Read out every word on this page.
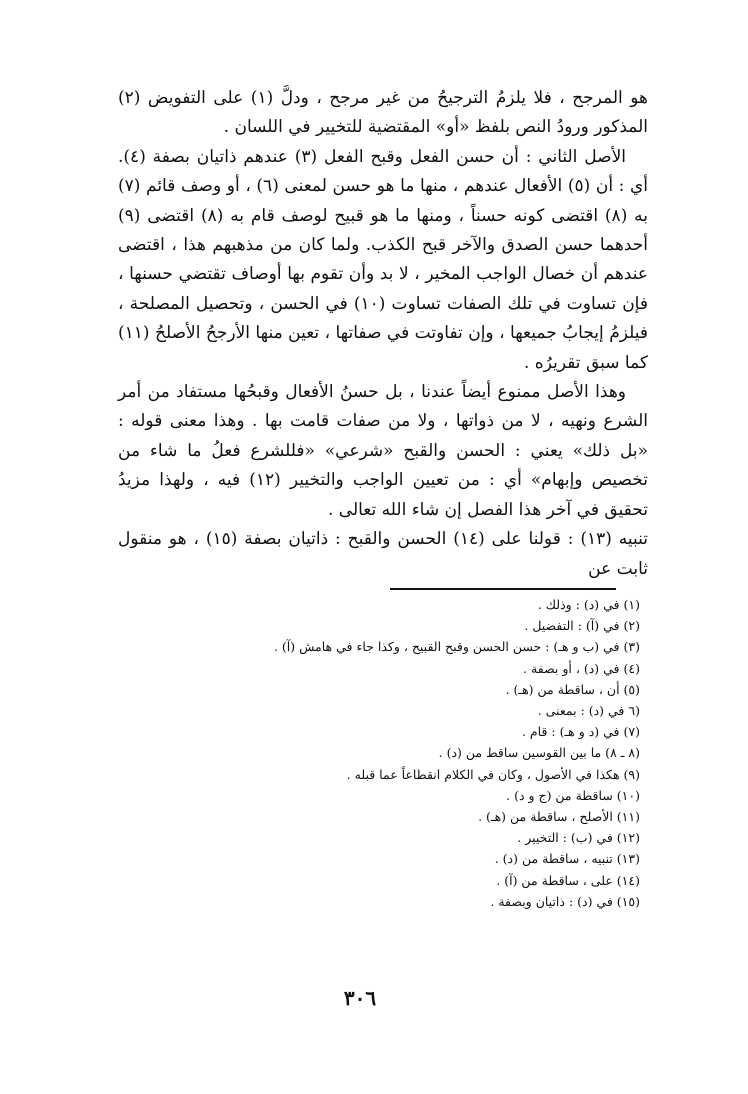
هو المرجح ، فلا يلزمُ الترجيحُ من غير مرجح ، ودلَّ (١) على التفويض (٢) المذكور ورودُ النص بلفظ «أو» المقتضية للتخيير في اللسان .

الأصل الثاني : أن حسن الفعل وقبح الفعل (٣) عندهم ذاتيان بصفة (٤). أي : أن (٥) الأفعال عندهم ، منها ما هو حسن لمعنى (٦) ، أو وصف قائم (٧) به (٨) اقتضى كونه حسناً ، ومنها ما هو قبيح لوصف قام به (٨) اقتضى (٩) أحدهما حسن الصدق والآخر قبح الكذب. ولما كان من مذهبهم هذا ، اقتضى عندهم أن خصال الواجب المخير ، لا بد وأن تقوم بها أوصاف تقتضي حسنها ، فإن تساوت في تلك الصفات تساوت (١٠) في الحسن ، وتحصيل المصلحة ، فيلزمُ إيجابُ جميعها ، وإن تفاوتت في صفاتها ، تعين منها الأرجحُ الأصلحُ (١١) كما سبق تقريرُه .

وهذا الأصل ممنوع أيضاً عندنا ، بل حسنُ الأفعال وقبحُها مستفاد من أمر الشرع ونهيه ، لا من ذواتها ، ولا من صفات قامت بها . وهذا معنى قوله : «بل ذلك» يعني : الحسن والقبح «شرعي» «فللشرع فعلُ ما شاء من تخصيص وإبهام» أي : من تعيين الواجب والتخيير (١٢) فيه ، ولهذا مزيدُ تحقيق في آخر هذا الفصل إن شاء الله تعالى .

تنبيه (١٣) : قولنا على (١٤) الحسن والقبح : ذاتيان بصفة (١٥) ، هو منقول ثابت عن

(١) في (د) : وذلك .
(٢) في (آ) : التفضيل .
(٣) في (ب و هـ) : حسن الحسن وقبح القبيح ، وكذا جاء في هامش (آ) .
(٤) في (د) ، أو بصفة .
(٥) أن ، ساقطة من (هـ) .
(٦ في (د) : بمعنى .
(٧) في (د و هـ) : قام .
(٨ ـ ٨) ما بين القوسين ساقط من (د) .
(٩) هكذا في الأصول ، وكان في الكلام انقطاعاً عما قبله .
(١٠) ساقطة من (ج و د) .
(١١) الأصلح ، ساقطة من (هـ) .
(١٢) في (ب) : التخيير .
(١٣) تنبيه ، ساقطة من (د) .
(١٤) على ، ساقطة من (آ) .
(١٥) في (د) : ذاتيان وبصفة .
٣٠٦
